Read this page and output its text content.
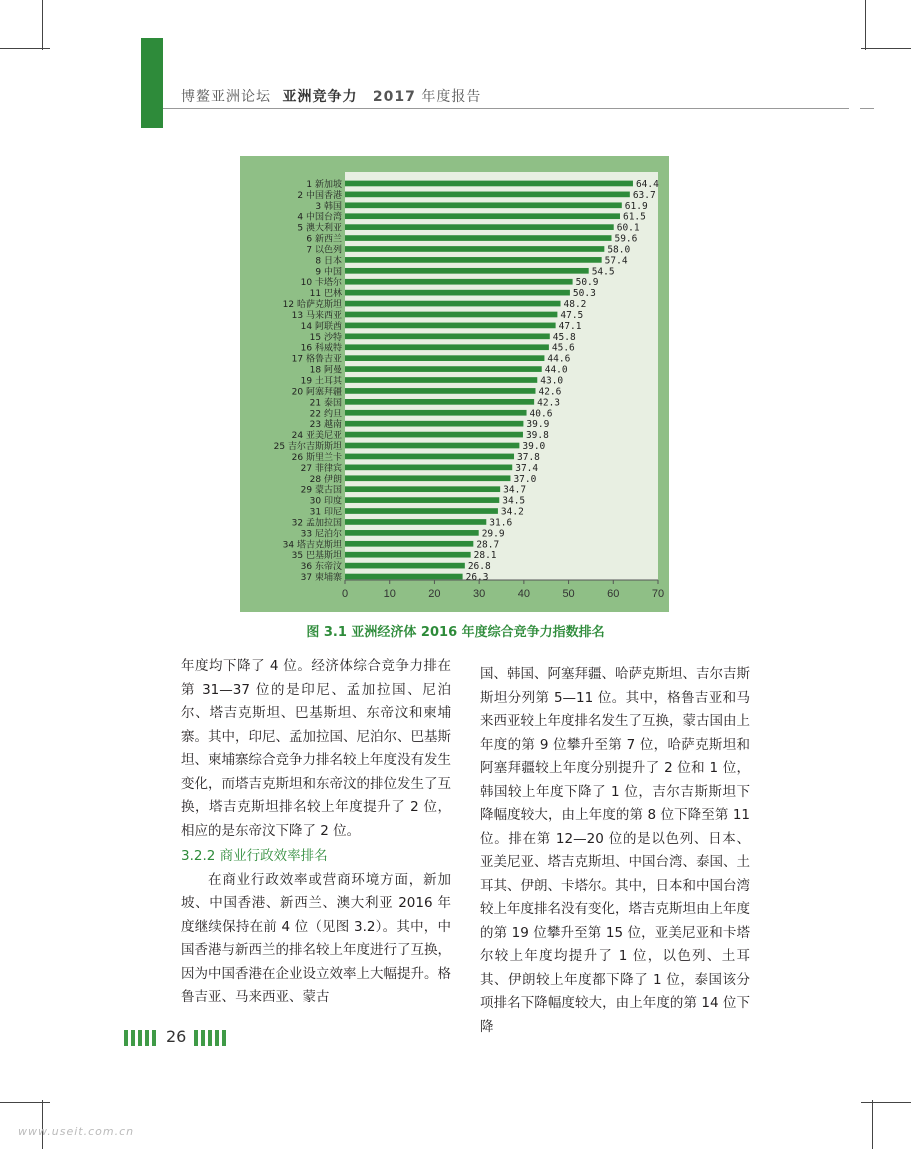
博鳌亚洲论坛 亚洲竞争力 2017 年度报告
0	10	20	30	40	50	60	70
1 新加坡	64.4
2 中国香港	63.7
3 韩国	61.9
4 中国台湾	61.5
5 澳大利亚	60.1
6 新西兰	59.6
7 以色列	58.0
8 日本	57.4
9 中国	54.5
10 卡塔尔	50.9
11 巴林	50.3
12 哈萨克斯坦	48.2
13 马来西亚	47.5
14 阿联酋	47.1
15 沙特	45.8
16 科威特	45.6
17 格鲁吉亚	44.6
18 阿曼	44.0
19 土耳其	43.0
20 阿塞拜疆	42.6
21 泰国	42.3
22 约旦	40.6
23 越南	39.9
24 亚美尼亚	39.8
25 吉尔吉斯斯坦	39.0
26 斯里兰卡	37.8
27 菲律宾	37.4
28 伊朗	37.0
29 蒙古国	34.7
30 印度	34.5
31 印尼	34.2
32 孟加拉国	31.6
33 尼泊尔	29.9
34 塔吉克斯坦	28.7
35 巴基斯坦	28.1
36 东帝汶	26.8
37 柬埔寨	26.3
图 3.1 亚洲经济体 2016 年度综合竞争力指数排名

年度均下降了 4 位。经济体综合竞争力排在第 31—37 位的是印尼、孟加拉国、尼泊尔、塔吉克斯坦、巴基斯坦、东帝汶和柬埔寨。其中，印尼、孟加拉国、尼泊尔、巴基斯坦、柬埔寨综合竞争力排名较上年度没有发生变化，而塔吉克斯坦和东帝汶的排位发生了互换，塔吉克斯坦排名较上年度提升了 2 位，相应的是东帝汶下降了 2 位。

3.2.2 商业行政效率排名

在商业行政效率或营商环境方面，新加坡、中国香港、新西兰、澳大利亚 2016 年度继续保持在前 4 位（见图 3.2）。其中，中国香港与新西兰的排名较上年度进行了互换，因为中国香港在企业设立效率上大幅提升。格鲁吉亚、马来西亚、蒙古

国、韩国、阿塞拜疆、哈萨克斯坦、吉尔吉斯斯坦分列第 5—11 位。其中，格鲁吉亚和马来西亚较上年度排名发生了互换，蒙古国由上年度的第 9 位攀升至第 7 位，哈萨克斯坦和阿塞拜疆较上年度分别提升了 2 位和 1 位，韩国较上年度下降了 1 位，吉尔吉斯斯坦下降幅度较大，由上年度的第 8 位下降至第 11 位。排在第 12—20 位的是以色列、日本、亚美尼亚、塔吉克斯坦、中国台湾、泰国、土耳其、伊朗、卡塔尔。其中，日本和中国台湾较上年度排名没有变化，塔吉克斯坦由上年度的第 19 位攀升至第 15 位，亚美尼亚和卡塔尔较上年度均提升了 1 位，以色列、土耳其、伊朗较上年度都下降了 1 位，泰国该分项排名下降幅度较大，由上年度的第 14 位下降

26
www.useit.com.cn
